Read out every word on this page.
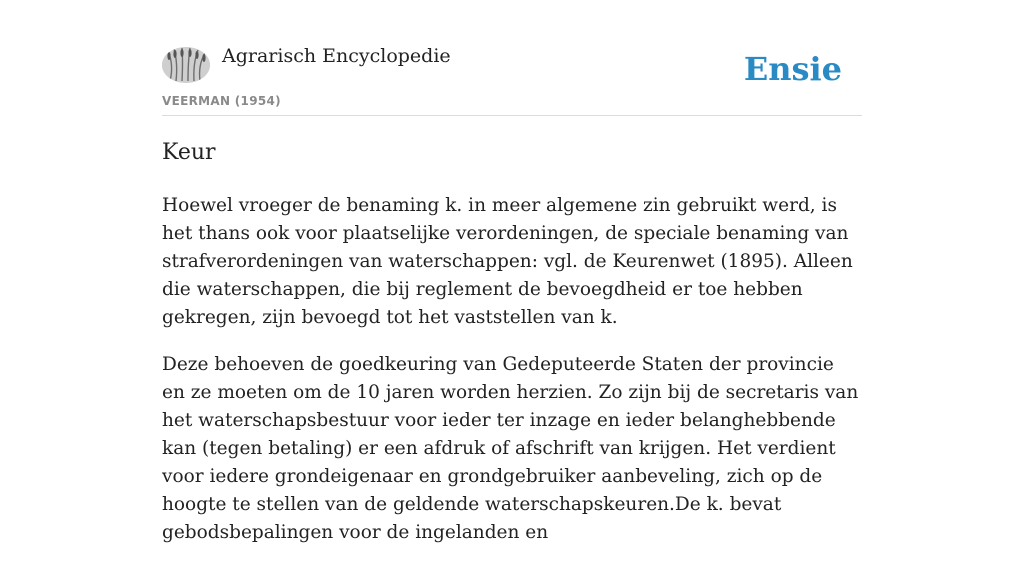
Agrarisch Encyclopedie
VEERMAN (1954)
Ensie
Keur

Hoewel vroeger de benaming k. in meer algemene zin gebruikt werd, is het thans ook voor plaatselijke verordeningen, de speciale benaming van strafverordeningen van waterschappen: vgl. de Keurenwet (1895). Alleen die waterschappen, die bij reglement de bevoegdheid er toe hebben gekregen, zijn bevoegd tot het vaststellen van k.

Deze behoeven de goedkeuring van Gedeputeerde Staten der provincie en ze moeten om de 10 jaren worden herzien. Zo zijn bij de secretaris van het waterschapsbestuur voor ieder ter inzage en ieder belanghebbende kan (tegen betaling) er een afdruk of afschrift van krijgen. Het verdient voor iedere grondeigenaar en grondgebruiker aanbeveling, zich op de hoogte te stellen van de geldende waterschapskeuren.De k. bevat gebodsbepalingen voor de ingelanden en
